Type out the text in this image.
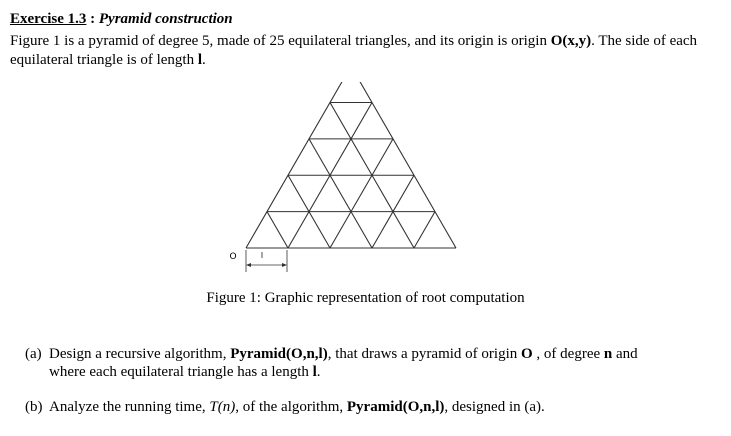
Exercise 1.3 : Pyramid construction
Figure 1 is a pyramid of degree 5, made of 25 equilateral triangles, and its origin is origin O(x,y). The side of each equilateral triangle is of length l.
O	l
Figure 1: Graphic representation of root computation
(a) Design a recursive algorithm, Pyramid(O,n,l), that draws a pyramid of origin O , of degree n and
where each equilateral triangle has a length l.
(b) Analyze the running time, T(n), of the algorithm, Pyramid(O,n,l), designed in (a).
